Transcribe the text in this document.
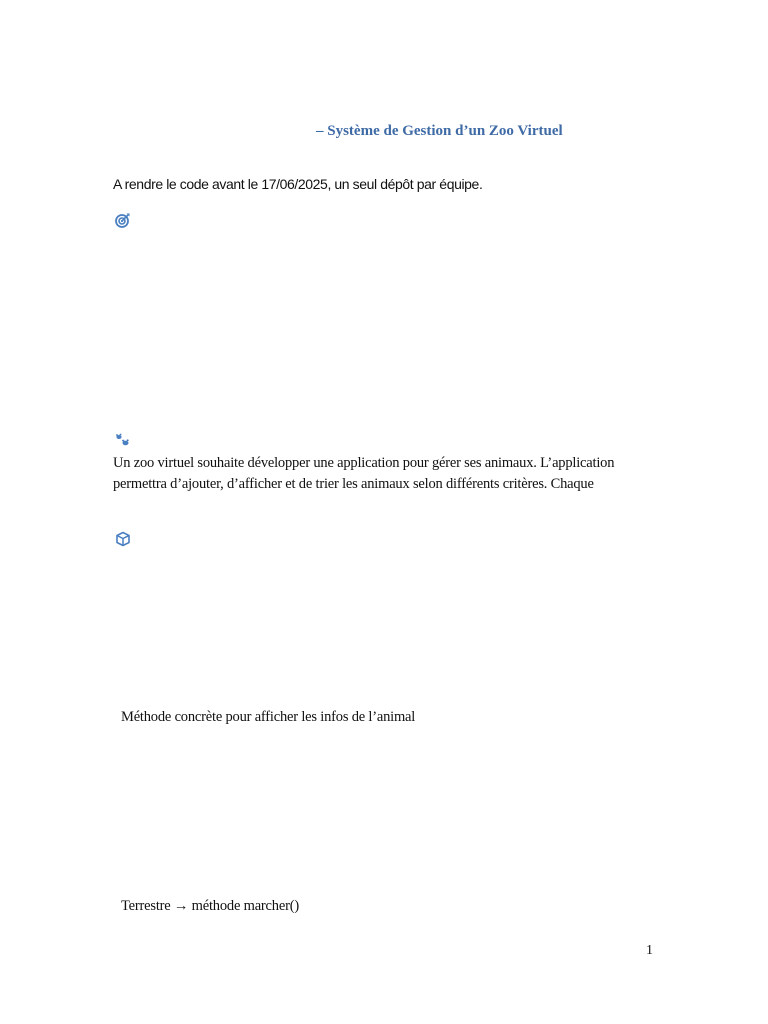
– Système de Gestion d’un Zoo Virtuel
A rendre le code avant le 17/06/2025, un seul dépôt par équipe.
Un zoo virtuel souhaite développer une application pour gérer ses animaux. L’application
permettra d’ajouter, d’afficher et de trier les animaux selon différents critères. Chaque
Méthode concrète pour afficher les infos de l’animal
Terrestre → méthode marcher()
1
